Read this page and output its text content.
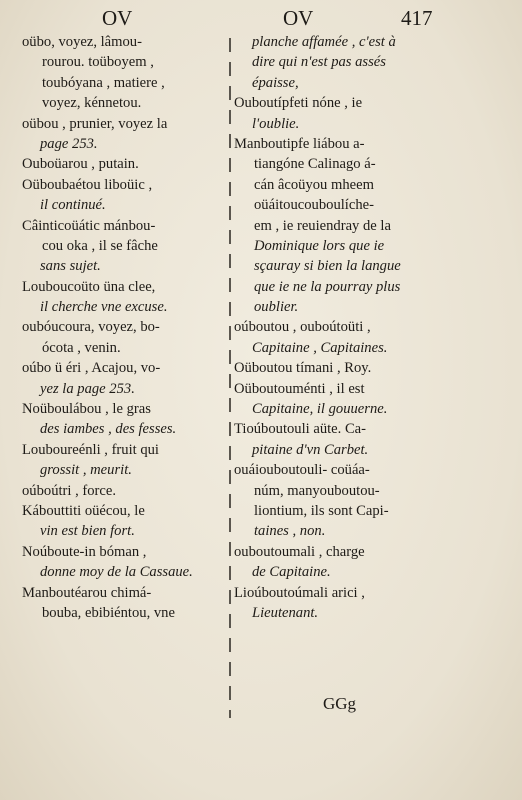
OV	OV	417
oübo, voyez, lâmou-
rourou. toüboyem ,
toubóyana , matiere ,
voyez, kénnetou.
oübou , prunier, voyez la
page 253.
Ouboüarou , putain.
Oüboubaétou liboüic ,
il continué.
Câinticoüátic mánbou-
cou oka , il se fâche
sans sujet.
Louboucoüto üna clee,
il cherche vne excuse.
oubóucoura, voyez, bo-
ócota , venin.
oúbo ü éri , Acajou, vo-
yez la page 253.
Noüboulábou , le gras
des iambes , des fesses.
Louboureénli , fruit qui
grossit , meurit.
oúboútri , force.
Kábouttiti oüécou, le
vin est bien fort.
Noúboute-in bóman ,
donne moy de la Cassaue.
Manboutéarou chimá-
bouba, ebibiéntou, vne
planche affamée , c'est à
dire qui n'est pas assés
épaisse,
Ouboutípfeti nóne , ie
l'oublie.
Manboutipfe liábou a-
tiangóne Calinago á-
cán âcoüyou mheem
oüáitoucouboulíche-
em , ie reuiendray de la
Dominique lors que ie
sçauray si bien la langue
que ie ne la pourray plus
oublier.
oúboutou , ouboútoüti ,
Capitaine , Capitaines.
Oüboutou tímani , Roy.
Oüboutouménti , il est
Capitaine, il gouuerne.
Tioúboutouli aüte. Ca-
pitaine d'vn Carbet.
ouáiouboutouli- coüáa-
núm, manyouboutou-
liontium, ils sont Capi-
taines , non.
ouboutoumali , charge
de Capitaine.
Lioúboutoúmali arici ,
Lieutenant.
GGg
